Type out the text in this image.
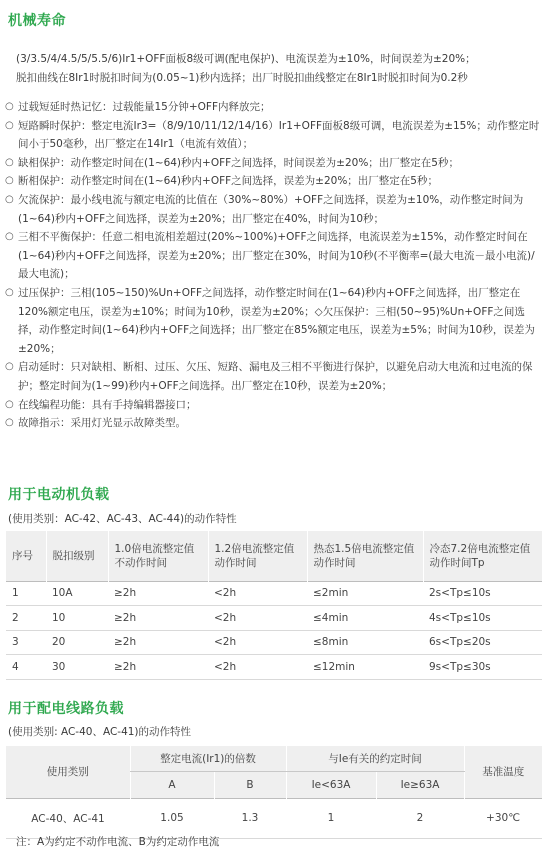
机械寿命

(3/3.5/4/4.5/5/5.5/6)Ir1+OFF面板8级可调(配电保护)、电流误差为±10%，时间误差为±20%；
脱扣曲线在8Ir1时脱扣时间为(0.05~1)秒内选择；出厂时脱扣曲线整定在8Ir1时脱扣时间为0.2秒

○ 过载短延时热记忆：过载能量15分钟+OFF内释放完；
○ 短路瞬时保护：整定电流Ir3=（8/9/10/11/12/14/16）Ir1+OFF面板8级可调，电流误差为±15%；动作整定时间小于50毫秒，出厂整定在14Ir1（电流有效值）；
○ 缺相保护：动作整定时间在(1~64)秒内+OFF之间选择，时间误差为±20%；出厂整定在5秒；
○ 断相保护：动作整定时间在(1~64)秒内+OFF之间选择，误差为±20%；出厂整定在5秒；
○ 欠流保护：最小线电流与额定电流的比值在（30%~80%）+OFF之间选择，误差为±10%，动作整定时间为(1~64)秒内+OFF之间选择，误差为±20%；出厂整定在40%，时间为10秒；
○ 三相不平衡保护：任意二相电流相差超过(20%~100%)+OFF之间选择，电流误差为±15%，动作整定时间在(1~64)秒内+OFF之间选择，误差为±20%；出厂整定在30%，时间为10秒(不平衡率=(最大电流－最小电流)/最大电流)；
○ 过压保护：三相(105~150)%Un+OFF之间选择，动作整定时间在(1~64)秒内+OFF之间选择，出厂整定在120%额定电压，误差为±10%；时间为10秒，误差为±20%；◇欠压保护：三相(50~95)%Un+OFF之间选择，动作整定时间(1~64)秒内+OFF之间选择；出厂整定在85%额定电压，误差为±5%；时间为10秒，误差为±20%；
○ 启动延时：只对缺相、断相、过压、欠压、短路、漏电及三相不平衡进行保护，以避免启动大电流和过电流的保护；整定时间为(1~99)秒内+OFF之间选择。出厂整定在10秒，误差为±20%；
○ 在线编程功能：具有手持编辑器接口；
○ 故障指示：采用灯光显示故障类型。
用于电动机负载

(使用类别：AC-42、AC-43、AC-44)的动作特性

序号	脱扣级别	1.0倍电流整定值不动作时间	1.2倍电流整定值动作时间	热态1.5倍电流整定值动作时间	冷态7.2倍电流整定值动作时间Tp
1	10A	≥2h	<2h	≤2min	2s<Tp≤10s
2	10	≥2h	<2h	≤4min	4s<Tp≤10s
3	20	≥2h	<2h	≤8min	6s<Tp≤20s
4	30	≥2h	<2h	≤12min	9s<Tp≤30s
用于配电线路负载

(使用类别: AC-40、AC-41)的动作特性

使用类别	整定电流(Ir1)的倍数		与Ie有关的约定时间		基准温度
	A	B	Ie<63A	Ie≥63A	
AC-40、AC-41	1.05	1.3	1	2	+30℃

注：A为约定不动作电流、B为约定动作电流
